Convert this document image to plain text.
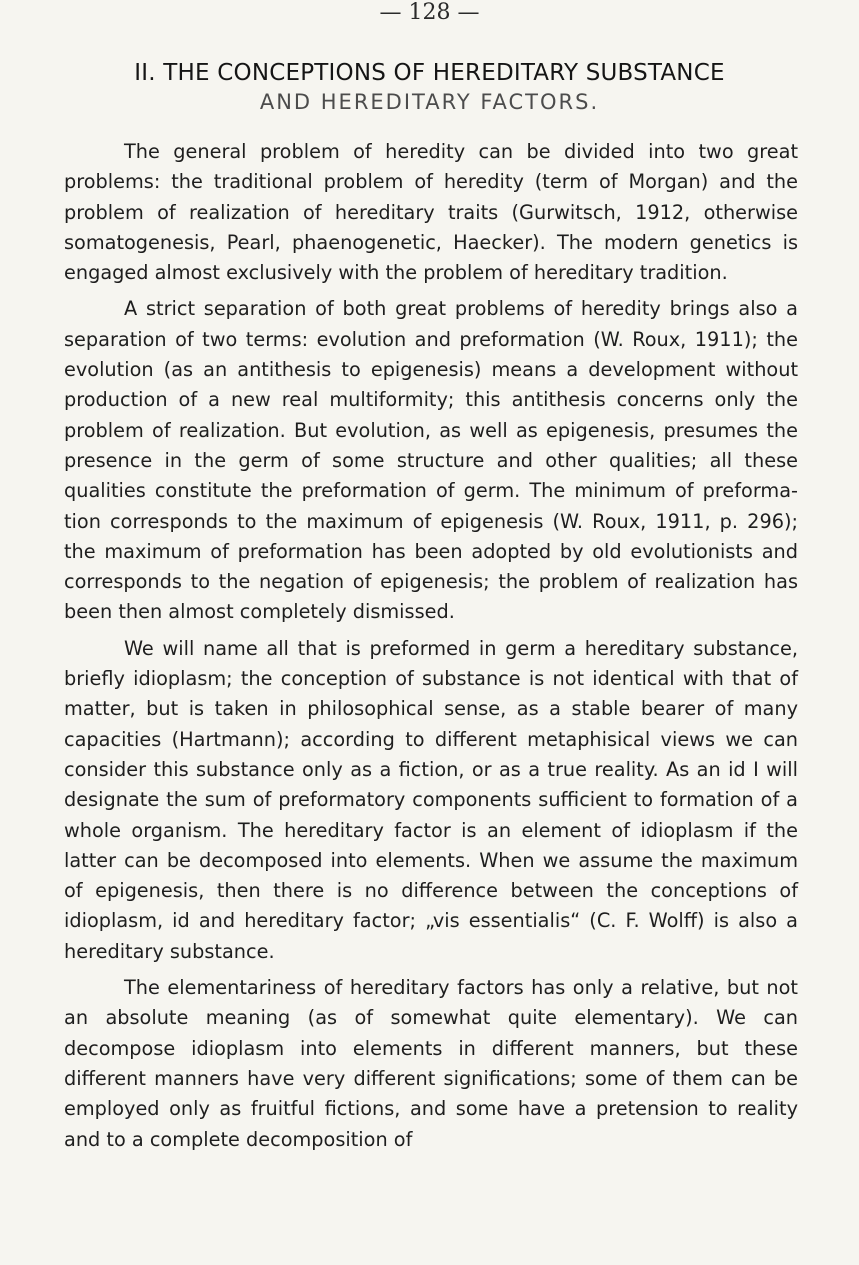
— 128 —
II. THE CONCEPTIONS OF HEREDITARY SUBSTANCE
AND HEREDITARY FACTORS.

The general problem of heredity can be divided into two great problems: the traditional problem of heredity (term of Morgan) and the problem of realization of hereditary traits (Gurwitsch, 1912, otherwise somatogenesis, Pearl, phaenogenetic, Haecker). The modern genetics is engaged almost exclusively with the problem of hereditary tradition.

A strict separation of both great problems of heredity brings also a separation of two terms: evolution and preformation (W. Roux, 1911); the evolution (as an antithesis to epigenesis) means a development without production of a new real multiformity; this antithesis concerns only the problem of realization. But evolution, as well as epigenesis, presumes the presence in the germ of some structure and other qualities; all these qualities constitute the preformation of germ. The minimum of preformation corresponds to the maximum of epigenesis (W. Roux, 1911, p. 296); the maximum of preformation has been adopted by old evolutionists and corresponds to the negation of epigenesis; the problem of realization has been then almost completely dismissed.

We will name all that is preformed in germ a hereditary substance, briefly idioplasm; the conception of substance is not identical with that of matter, but is taken in philosophical sense, as a stable bearer of many capacities (Hartmann); according to different metaphisical views we can consider this substance only as a fiction, or as a true reality. As an id I will designate the sum of preformatory components sufficient to formation of a whole organism. The hereditary factor is an element of idioplasm if the latter can be decomposed into elements. When we assume the maximum of epigenesis, then there is no difference between the conceptions of idioplasm, id and hereditary factor; „vis essentialis“ (C. F. Wolff) is also a hereditary substance.

The elementariness of hereditary factors has only a relative, but not an absolute meaning (as of somewhat quite elementary). We can decompose idioplasm into elements in different manners, but these different manners have very different significations; some of them can be employed only as fruitful fictions, and some have a pretension to reality and to a complete decomposition of
